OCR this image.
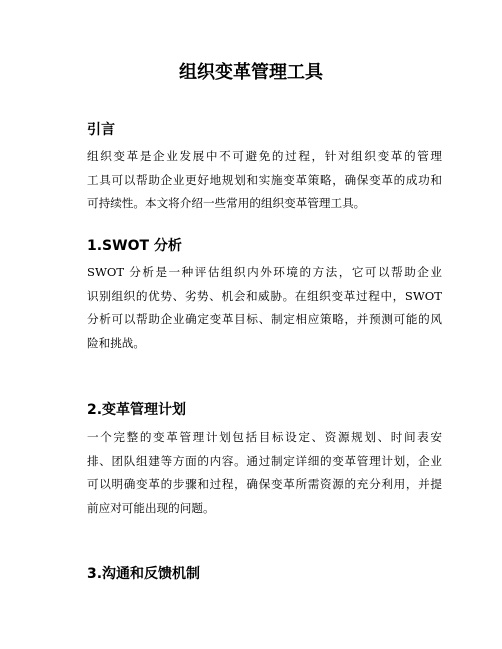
组织变革管理工具
引言
组织变革是企业发展中不可避免的过程，针对组织变革的管理
工具可以帮助企业更好地规划和实施变革策略，确保变革的成功和
可持续性。本文将介绍一些常用的组织变革管理工具。
1.SWOT 分析
SWOT 分析是一种评估组织内外环境的方法，它可以帮助企业
识别组织的优势、劣势、机会和威胁。在组织变革过程中，SWOT
分析可以帮助企业确定变革目标、制定相应策略，并预测可能的风
险和挑战。
2.变革管理计划
一个完整的变革管理计划包括目标设定、资源规划、时间表安
排、团队组建等方面的内容。通过制定详细的变革管理计划，企业
可以明确变革的步骤和过程，确保变革所需资源的充分利用，并提
前应对可能出现的问题。
3.沟通和反馈机制
